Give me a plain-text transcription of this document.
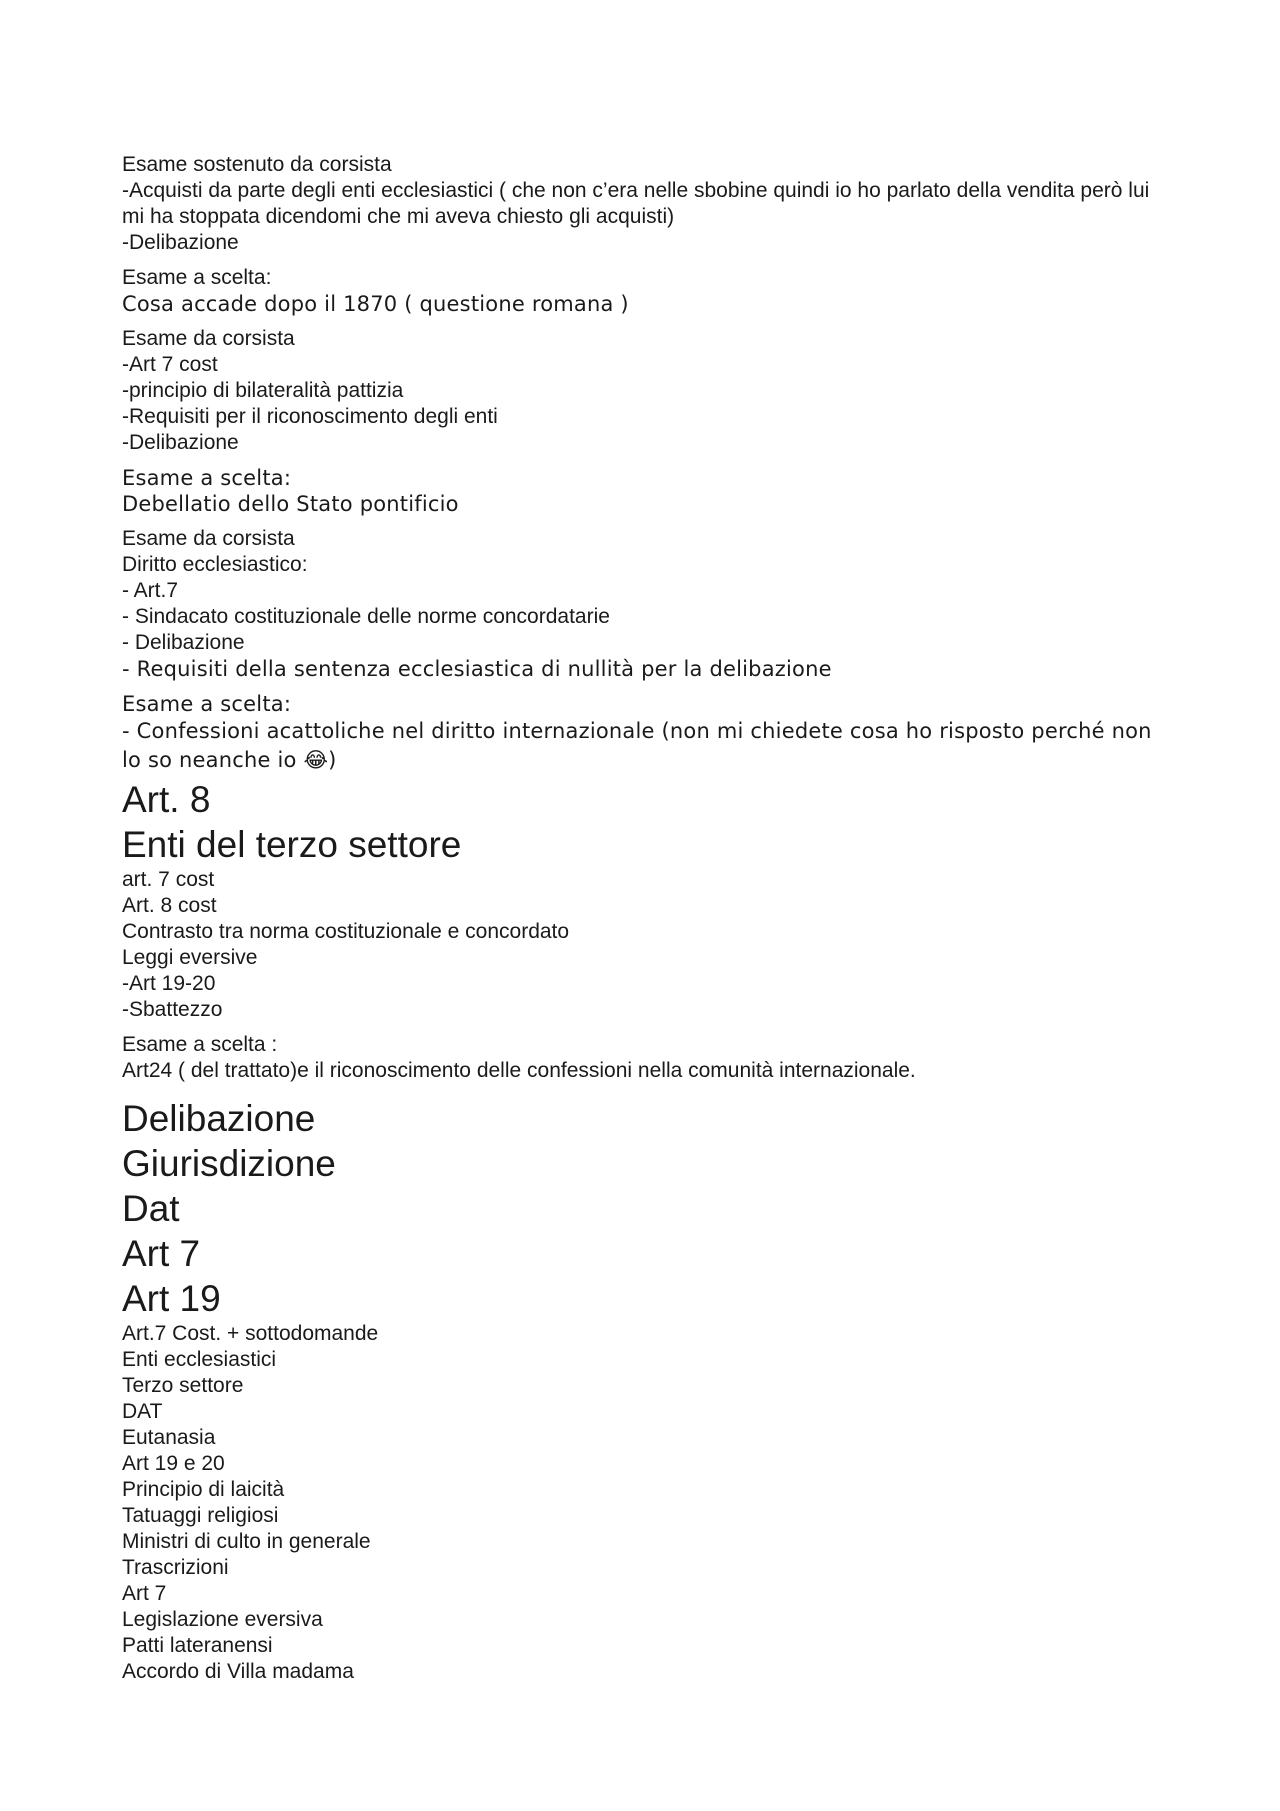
Esame sostenuto da corsista

-Acquisti da parte degli enti ecclesiastici ( che non c’era nelle sbobine quindi io ho parlato della vendita però lui mi ha stoppata dicendomi che mi aveva chiesto gli acquisti)

-Delibazione

Esame a scelta:

Cosa accade dopo il 1870 ( questione romana )

Esame da corsista

-Art 7 cost

-principio di bilateralità pattizia

-Requisiti per il riconoscimento degli enti

-Delibazione

Esame a scelta:

Debellatio dello Stato pontificio

Esame da corsista

Diritto ecclesiastico:

- Art.7

- Sindacato costituzionale delle norme concordatarie

- Delibazione

- Requisiti della sentenza ecclesiastica di nullità per la delibazione

Esame a scelta:

- Confessioni acattoliche nel diritto internazionale (non mi chiedete cosa ho risposto perché non lo so neanche io 😂)

Art. 8

Enti del terzo settore

art. 7 cost

Art. 8 cost

Contrasto tra norma costituzionale e concordato

Leggi eversive

-Art 19-20

-Sbattezzo

Esame a scelta :

Art24 ( del trattato)e il riconoscimento delle confessioni nella comunità internazionale.

Delibazione

Giurisdizione

Dat

Art 7

Art 19

Art.7 Cost. + sottodomande

Enti ecclesiastici

Terzo settore

DAT

Eutanasia

Art 19 e 20

Principio di laicità

Tatuaggi religiosi

Ministri di culto in generale

Trascrizioni

Art 7

Legislazione eversiva

Patti lateranensi

Accordo di Villa madama
